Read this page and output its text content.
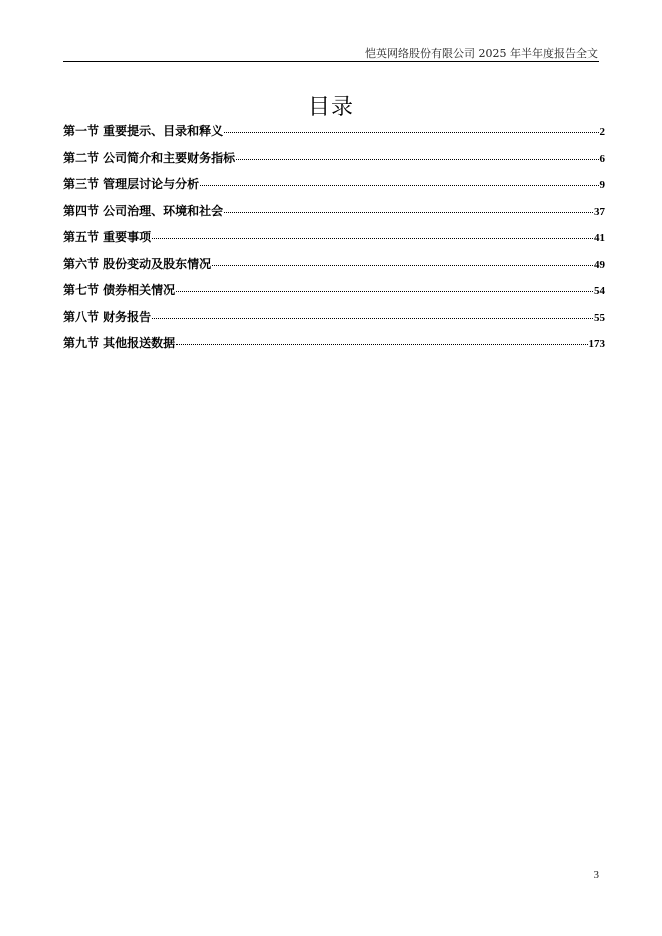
恺英网络股份有限公司 2025 年半年度报告全文
目录
第一节 重要提示、目录和释义	2
第二节 公司简介和主要财务指标	6
第三节 管理层讨论与分析	9
第四节 公司治理、环境和社会	37
第五节 重要事项	41
第六节 股份变动及股东情况	49
第七节 债券相关情况	54
第八节 财务报告	55
第九节 其他报送数据	173
3
